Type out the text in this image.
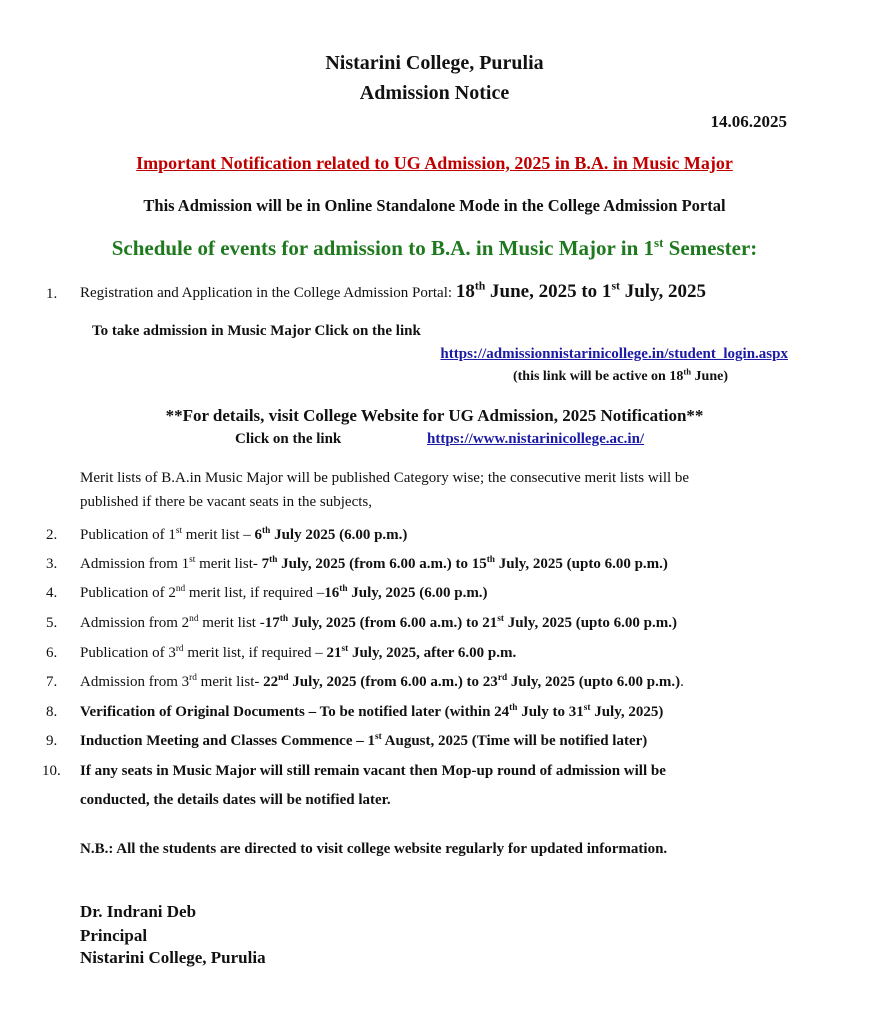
Nistarini College, Purulia
Admission Notice
14.06.2025
Important Notification related to UG Admission, 2025 in B.A. in Music Major
This Admission will be in Online Standalone Mode in the College Admission Portal
Schedule of events for admission to B.A. in Music Major in 1st Semester:
1. Registration and Application in the College Admission Portal: 18th June, 2025 to 1st July, 2025
To take admission in Music Major Click on the link
https://admissionnistarinicollege.in/student_login.aspx
(this link will be active on 18th June)
**For details, visit College Website for UG Admission, 2025 Notification**
Click on the link	https://www.nistarinicollege.ac.in/
Merit lists of B.A.in Music Major will be published Category wise; the consecutive merit lists will be
published if there be vacant seats in the subjects,
2. Publication of 1st merit list – 6th July 2025 (6.00 p.m.)
3. Admission from 1st merit list- 7th July, 2025 (from 6.00 a.m.) to 15th July, 2025 (upto 6.00 p.m.)
4. Publication of 2nd merit list, if required –16th July, 2025 (6.00 p.m.)
5. Admission from 2nd merit list -17th July, 2025 (from 6.00 a.m.) to 21st July, 2025 (upto 6.00 p.m.)
6. Publication of 3rd merit list, if required – 21st July, 2025, after 6.00 p.m.
7. Admission from 3rd merit list- 22nd July, 2025 (from 6.00 a.m.) to 23rd July, 2025 (upto 6.00 p.m.).
8. Verification of Original Documents – To be notified later (within 24th July to 31st July, 2025)
9. Induction Meeting and Classes Commence – 1st August, 2025 (Time will be notified later)
10. If any seats in Music Major will still remain vacant then Mop-up round of admission will be
conducted, the details dates will be notified later.
N.B.: All the students are directed to visit college website regularly for updated information.
Dr. Indrani Deb
Principal
Nistarini College, Purulia
